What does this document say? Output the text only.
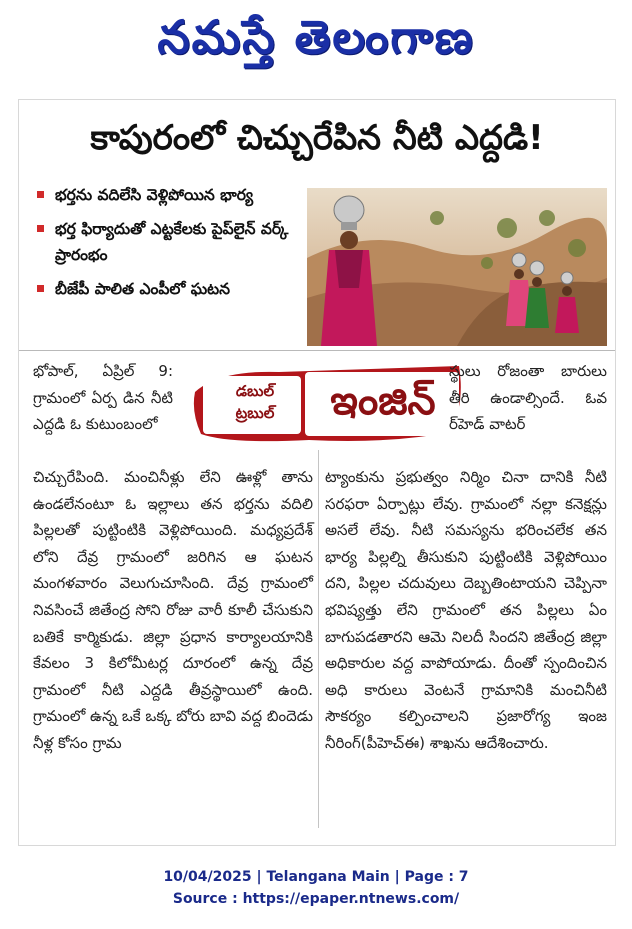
నమస్తే తెలంగాణ
కాపురంలో చిచ్చురేపిన నీటి ఎద్దడి!
భర్తను వదిలేసి వెళ్లిపోయిన భార్య
భర్త ఫిర్యాదుతో ఎట్టకేలకు పైప్‌లైన్ వర్క్ ప్రారంభం
బీజేపీ పాలిత ఎంపీలో ఘటన
భోపాల్, ఏప్రిల్ 9: గ్రామంలో ఏర్ప డిన నీటి ఎద్దడి ఓ కుటుంబంలో
డబుల్
ట్రబుల్	ఇంజిన్
స్థులు రోజంతా బారులు తీరి ఉండాల్సిందే. ఓవ ర్‌హెడ్ వాటర్
చిచ్చురేపింది. మంచినీళ్లు లేని ఊళ్లో తాను ఉండలేనంటూ ఓ ఇల్లాలు తన భర్తను వదిలి పిల్లలతో పుట్టింటికి వెళ్లిపోయింది. మధ్యప్రదేశ్ లోని దేవ్ర గ్రామంలో జరిగిన ఆ ఘటన మంగళవారం వెలుగుచూసింది. దేవ్ర గ్రామంలో నివసించే జితేంద్ర సోని రోజు వారీ కూలీ చేసుకుని బతికే కార్మికుడు. జిల్లా ప్రధాన కార్యాలయానికి కేవలం 3 కిలోమీటర్ల దూరంలో ఉన్న దేవ్ర గ్రామంలో నీటి ఎద్దడి తీవ్రస్థాయిలో ఉంది. గ్రామంలో ఉన్న ఒకే ఒక్క బోరు బావి వద్ద బిందెడు నీళ్ల కోసం గ్రామ
ట్యాంకును ప్రభుత్వం నిర్మిం చినా దానికి నీటి సరఫరా ఏర్పాట్లు లేవు. గ్రామంలో నల్లా కనెక్షన్లు అసలే లేవు. నీటి సమస్యను భరించలేక తన భార్య పిల్లల్ని తీసుకుని పుట్టింటికి వెళ్లిపోయిం దని, పిల్లల చదువులు దెబ్బతింటాయని చెప్పినా భవిష్యత్తు లేని గ్రామంలో తన పిల్లలు ఏం బాగుపడతారని ఆమె నిలదీ సిందని జితేంద్ర జిల్లా అధికారుల వద్ద వాపోయాడు. దీంతో స్పందించిన అధి కారులు వెంటనే గ్రామానికి మంచినీటి సౌకర్యం కల్పించాలని ప్రజారోగ్య ఇంజ నీరింగ్(పీహెచ్ఈ) శాఖను ఆదేశించారు.
10/04/2025 | Telangana Main | Page : 7
Source : https://epaper.ntnews.com/
